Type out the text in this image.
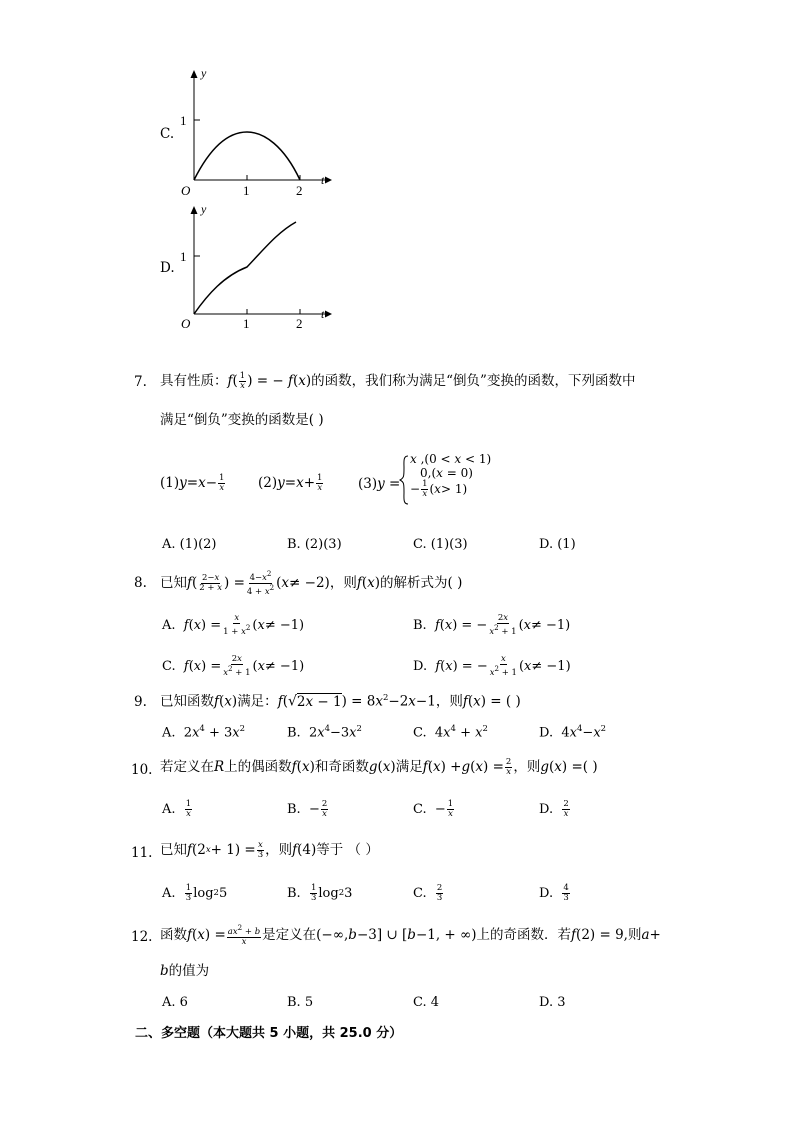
C.
y
t
O
1
1	2
D.
y
t
O
1
1	2
7. 具有性质： $f( \frac{1}{x}$ ) = − f(x) 的函数，我们称为满足“倒负”变换的函数，下列函数中
满足“倒负”变换的函数是( )
(1) $y = x - \frac{1}{x} (2) y = x + \frac{1}{x}$	(3)y =
x ,(0 < x < 1)
0,(x = 0)
− $\frac{1}{x}$ ( x > 1)
A. (1)(2)	B. (2)(3)	C. (1)(3)	D. (1)
8. 已知 f ( $\frac{2-x}{2 + x}$ ) = $\frac{4-x^2}{4 + x^2}$ ( x ≠ −2) ，则 f ( x ) 的解析式为( )
A.
f ( x ) = $\frac{x}{1 + x^2}$ ( x ≠ −1)	B.
f ( x ) = − $\frac{2x}{x^2 + 1}$ ( x ≠ −1)
C.
f ( x ) = $\frac{2x}{x^2 + 1}$ ( x ≠ −1)	D.
f ( x ) = − $\frac{x}{x^2 + 1}$ ( x ≠ −1)
9. 已知函数f(x)满足：$f(√2x - 1) = 8x^2-2x-1$，则f(x) = ( )
A.  $2x^4 + 3x^2$	B.  $2x^4-3x^2$	C.  $4x^4 + x^2$	D.  $4x^4-x^2$
10. 若定义在 R 上的偶函数 f ( x ) 和奇函数 g ( x ) 满足 f ( x ) + g ( x ) = $\frac{2}{x}$ ，则 g ( x ) = ( )
A.
$\frac{1}{x}$	B. − $\frac{2}{x}$	C. − $\frac{1}{x}$	D.
$\frac{2}{x}$
11. 已知 f (2 $x + 1) = \frac{x}{3}$ ，则 f (4) 等于 （ ）
A.
$\frac{1}{3}$ log 2 5	B.
$\frac{1}{3}$ log 2 3	C.
$\frac{2}{3}$	D.
$\frac{4}{3}$
12. 函数 f ( x ) = $\frac{ax^2 + b}{x}$ 是定义在 (−∞, b −3] ∪ [ b −1, + ∞) 上的奇函数．若 f (2) = 9, 则 a +
b的值为
A. 6	B. 5	C. 4	D. 3
二、多空题（本大题共 5 小题，共 25.0 分）
